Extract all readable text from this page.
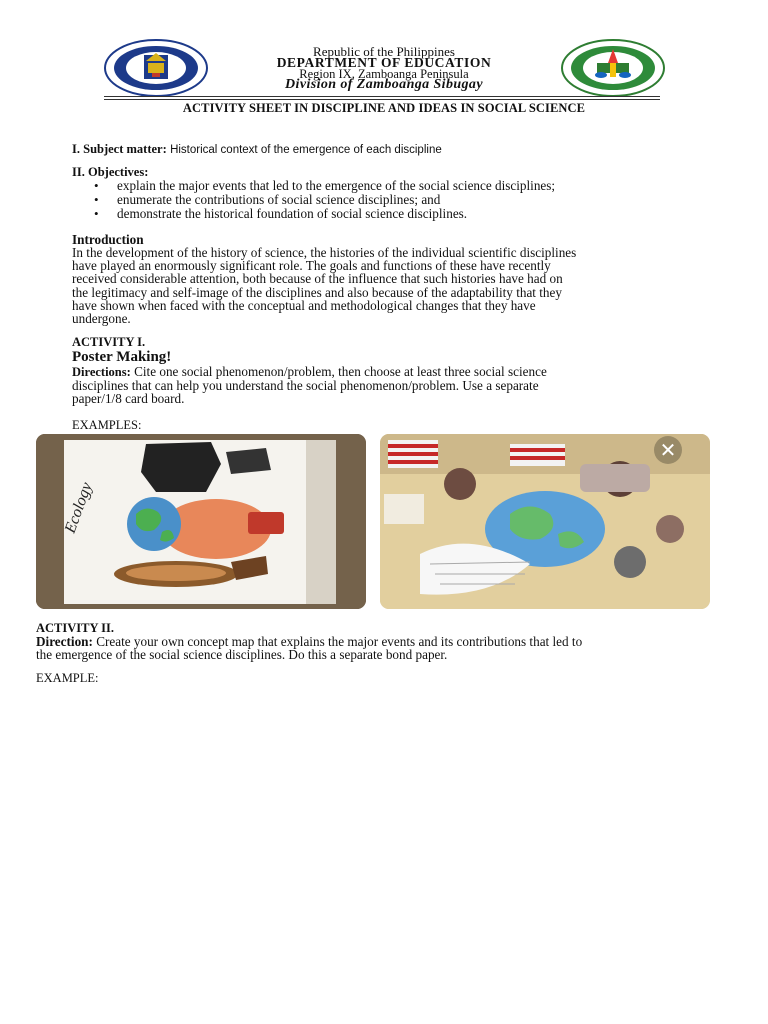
Republic of the Philippines
DEPARTMENT OF EDUCATION
Region IX, Zamboanga Peninsula
Division of Zamboanga Sibugay
ACTIVITY SHEET IN DISCIPLINE AND IDEAS IN SOCIAL SCIENCE
I. Subject matter: Historical context of the emergence of each discipline
II. Objectives:
• explain the major events that led to the emergence of the social science disciplines;
• enumerate the contributions of social science disciplines; and
• demonstrate the historical foundation of social science disciplines.
Introduction
In the development of the history of science, the histories of the individual scientific disciplines
have played an enormously significant role. The goals and functions of these have recently
received considerable attention, both because of the influence that such histories have had on
the legitimacy and self-image of the disciplines and also because of the adaptability that they
have shown when faced with the conceptual and methodological changes that they have
undergone.
ACTIVITY I.
Poster Making!
Directions: Cite one social phenomenon/problem, then choose at least three social science
disciplines that can help you understand the social phenomenon/problem. Use a separate
paper/1/8 card board.
EXAMPLES:
Ecology
✕
ACTIVITY II.
Direction: Create your own concept map that explains the major events and its contributions that led to
the emergence of the social science disciplines. Do this a separate bond paper.
EXAMPLE:
